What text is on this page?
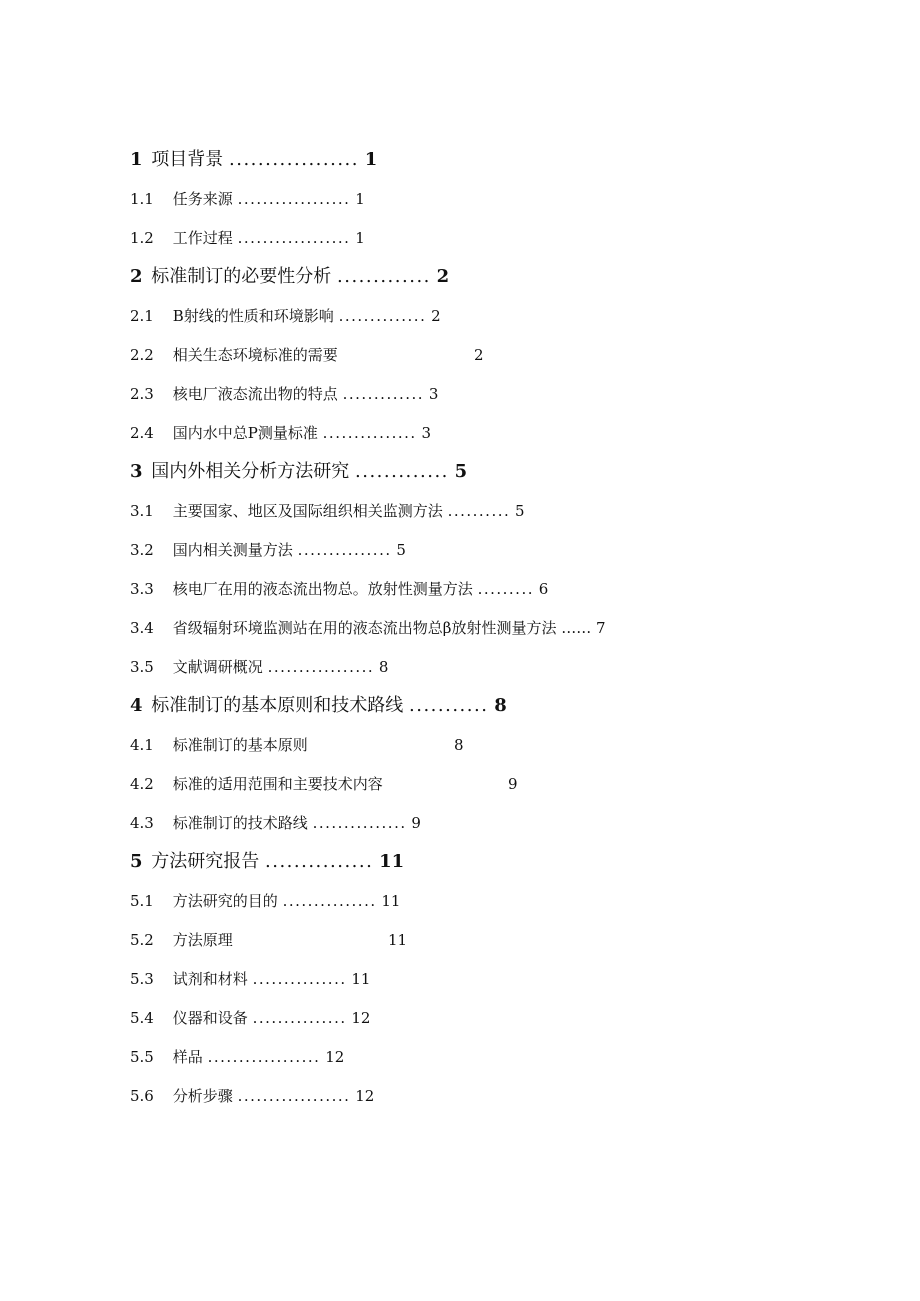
1 项目背景 .................. 1
1.1 任务来源 .................. 1
1.2 工作过程 .................. 1
2 标准制订的必要性分析 ............. 2
2.1 B射线的性质和环境影响 .............. 2
2.2 相关生态环境标准的需要	2
2.3 核电厂液态流出物的特点 ............. 3
2.4 国内水中总P测量标准 ............... 3
3 国内外相关分析方法研究 ............. 5
3.1 主要国家、地区及国际组织相关监测方法 .......... 5
3.2 国内相关测量方法 ............... 5
3.3 核电厂在用的液态流出物总。放射性测量方法 ......... 6
3.4 省级辐射环境监测站在用的液态流出物总β放射性测量方法 …… 7
3.5 文献调研概况 ................. 8
4 标准制订的基本原则和技术路线 ........... 8
4.1 标准制订的基本原则	8
4.2 标准的适用范围和主要技术内容	9
4.3 标准制订的技术路线 ............... 9
5 方法研究报告 ............... 11
5.1 方法研究的目的 ............... 11
5.2 方法原理	11
5.3 试剂和材料 ............... 11
5.4 仪器和设备 ............... 12
5.5 样品 .................. 12
5.6 分析步骤 .................. 12
